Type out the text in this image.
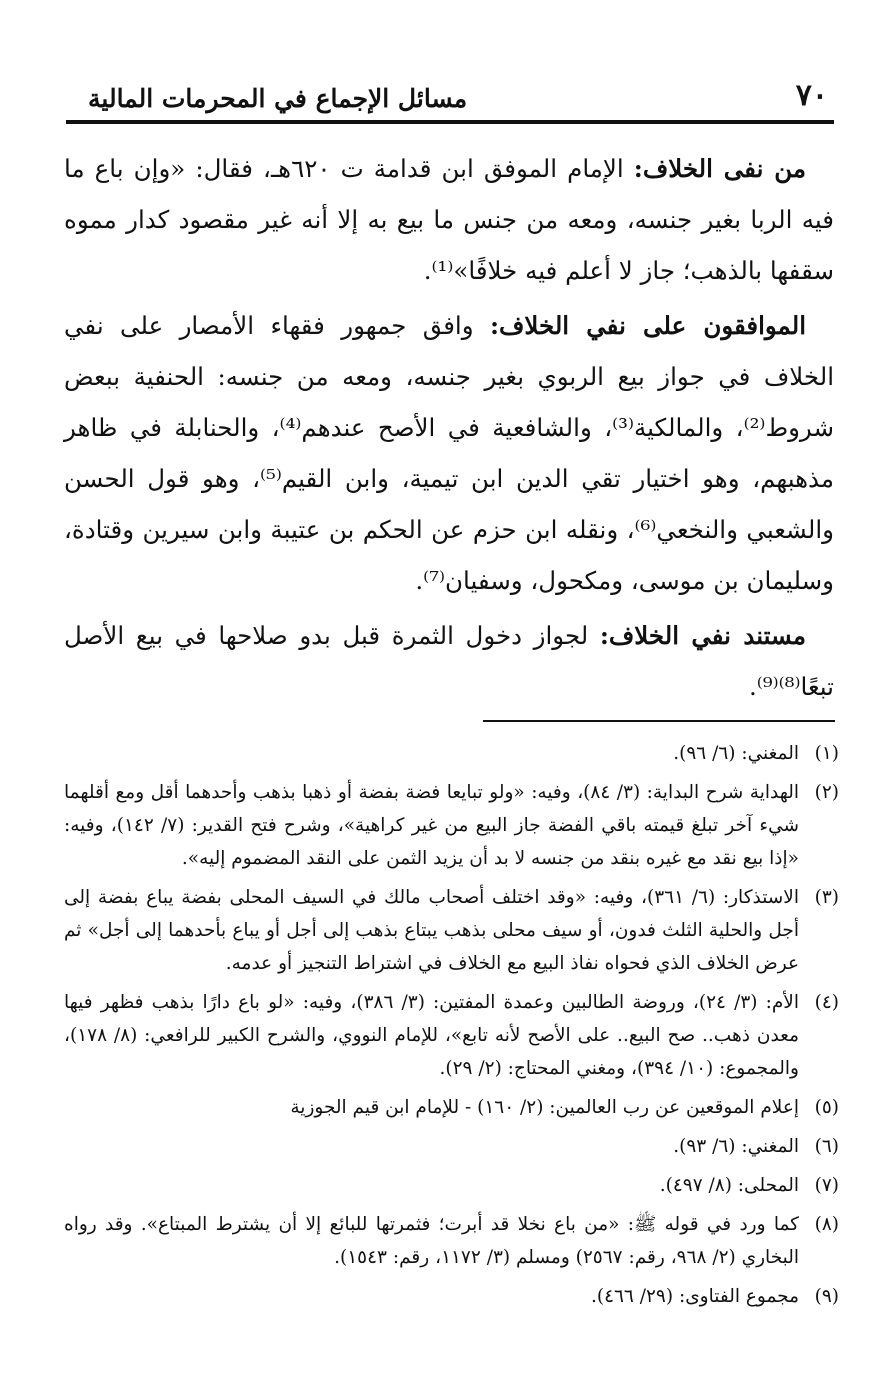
٧٠
مسائل الإجماع في المحرمات المالية

من نفى الخلاف: الإمام الموفق ابن قدامة ت ٦٢٠هـ، فقال: «وإن باع ما فيه الربا بغير جنسه، ومعه من جنس ما بيع به إلا أنه غير مقصود كدار مموه سقفها بالذهب؛ جاز لا أعلم فيه خلافًا»⁽¹⁾.

الموافقون على نفي الخلاف: وافق جمهور فقهاء الأمصار على نفي الخلاف في جواز بيع الربوي بغير جنسه، ومعه من جنسه: الحنفية ببعض شروط⁽²⁾، والمالكية⁽³⁾، والشافعية في الأصح عندهم⁽⁴⁾، والحنابلة في ظاهر مذهبهم، وهو اختيار تقي الدين ابن تيمية، وابن القيم⁽⁵⁾، وهو قول الحسن والشعبي والنخعي⁽⁶⁾، ونقله ابن حزم عن الحكم بن عتيبة وابن سيرين وقتادة، وسليمان بن موسى، ومكحول، وسفيان⁽⁷⁾.

مستند نفي الخلاف: لجواز دخول الثمرة قبل بدو صلاحها في بيع الأصل تبعًا⁽⁸⁾⁽⁹⁾.

(١)
المغني: (٦/ ٩٦).
(٢)
الهداية شرح البداية: (٣/ ٨٤)، وفيه: «ولو تبايعا فضة بفضة أو ذهبا بذهب وأحدهما أقل ومع أقلهما شيء آخر تبلغ قيمته باقي الفضة جاز البيع من غير كراهية»، وشرح فتح القدير: (٧/ ١٤٢)، وفيه: «إذا بيع نقد مع غيره بنقد من جنسه لا بد أن يزيد الثمن على النقد المضموم إليه».
(٣)
الاستذكار: (٦/ ٣٦١)، وفيه: «وقد اختلف أصحاب مالك في السيف المحلى بفضة يباع بفضة إلى أجل والحلية الثلث فدون، أو سيف محلى بذهب يبتاع بذهب إلى أجل أو يباع بأحدهما إلى أجل» ثم عرض الخلاف الذي فحواه نفاذ البيع مع الخلاف في اشتراط التنجيز أو عدمه.
(٤)
الأم: (٣/ ٢٤)، وروضة الطالبين وعمدة المفتين: (٣/ ٣٨٦)، وفيه: «لو باع دارًا بذهب فظهر فيها معدن ذهب.. صح البيع.. على الأصح لأنه تابع»، للإمام النووي، والشرح الكبير للرافعي: (٨/ ١٧٨)، والمجموع: (١٠/ ٣٩٤)، ومغني المحتاج: (٢/ ٢٩).
(٥)
إعلام الموقعين عن رب العالمين: (٢/ ١٦٠) - للإمام ابن قيم الجوزية
(٦)
المغني: (٦/ ٩٣).
(٧)
المحلى: (٨/ ٤٩٧).
(٨)
كما ورد في قوله ﷺ: «من باع نخلا قد أبرت؛ فثمرتها للبائع إلا أن يشترط المبتاع». وقد رواه البخاري (٢/ ٩٦٨، رقم: ٢٥٦٧) ومسلم (٣/ ١١٧٢، رقم: ١٥٤٣).
(٩)
مجموع الفتاوى: (٢٩/ ٤٦٦).
